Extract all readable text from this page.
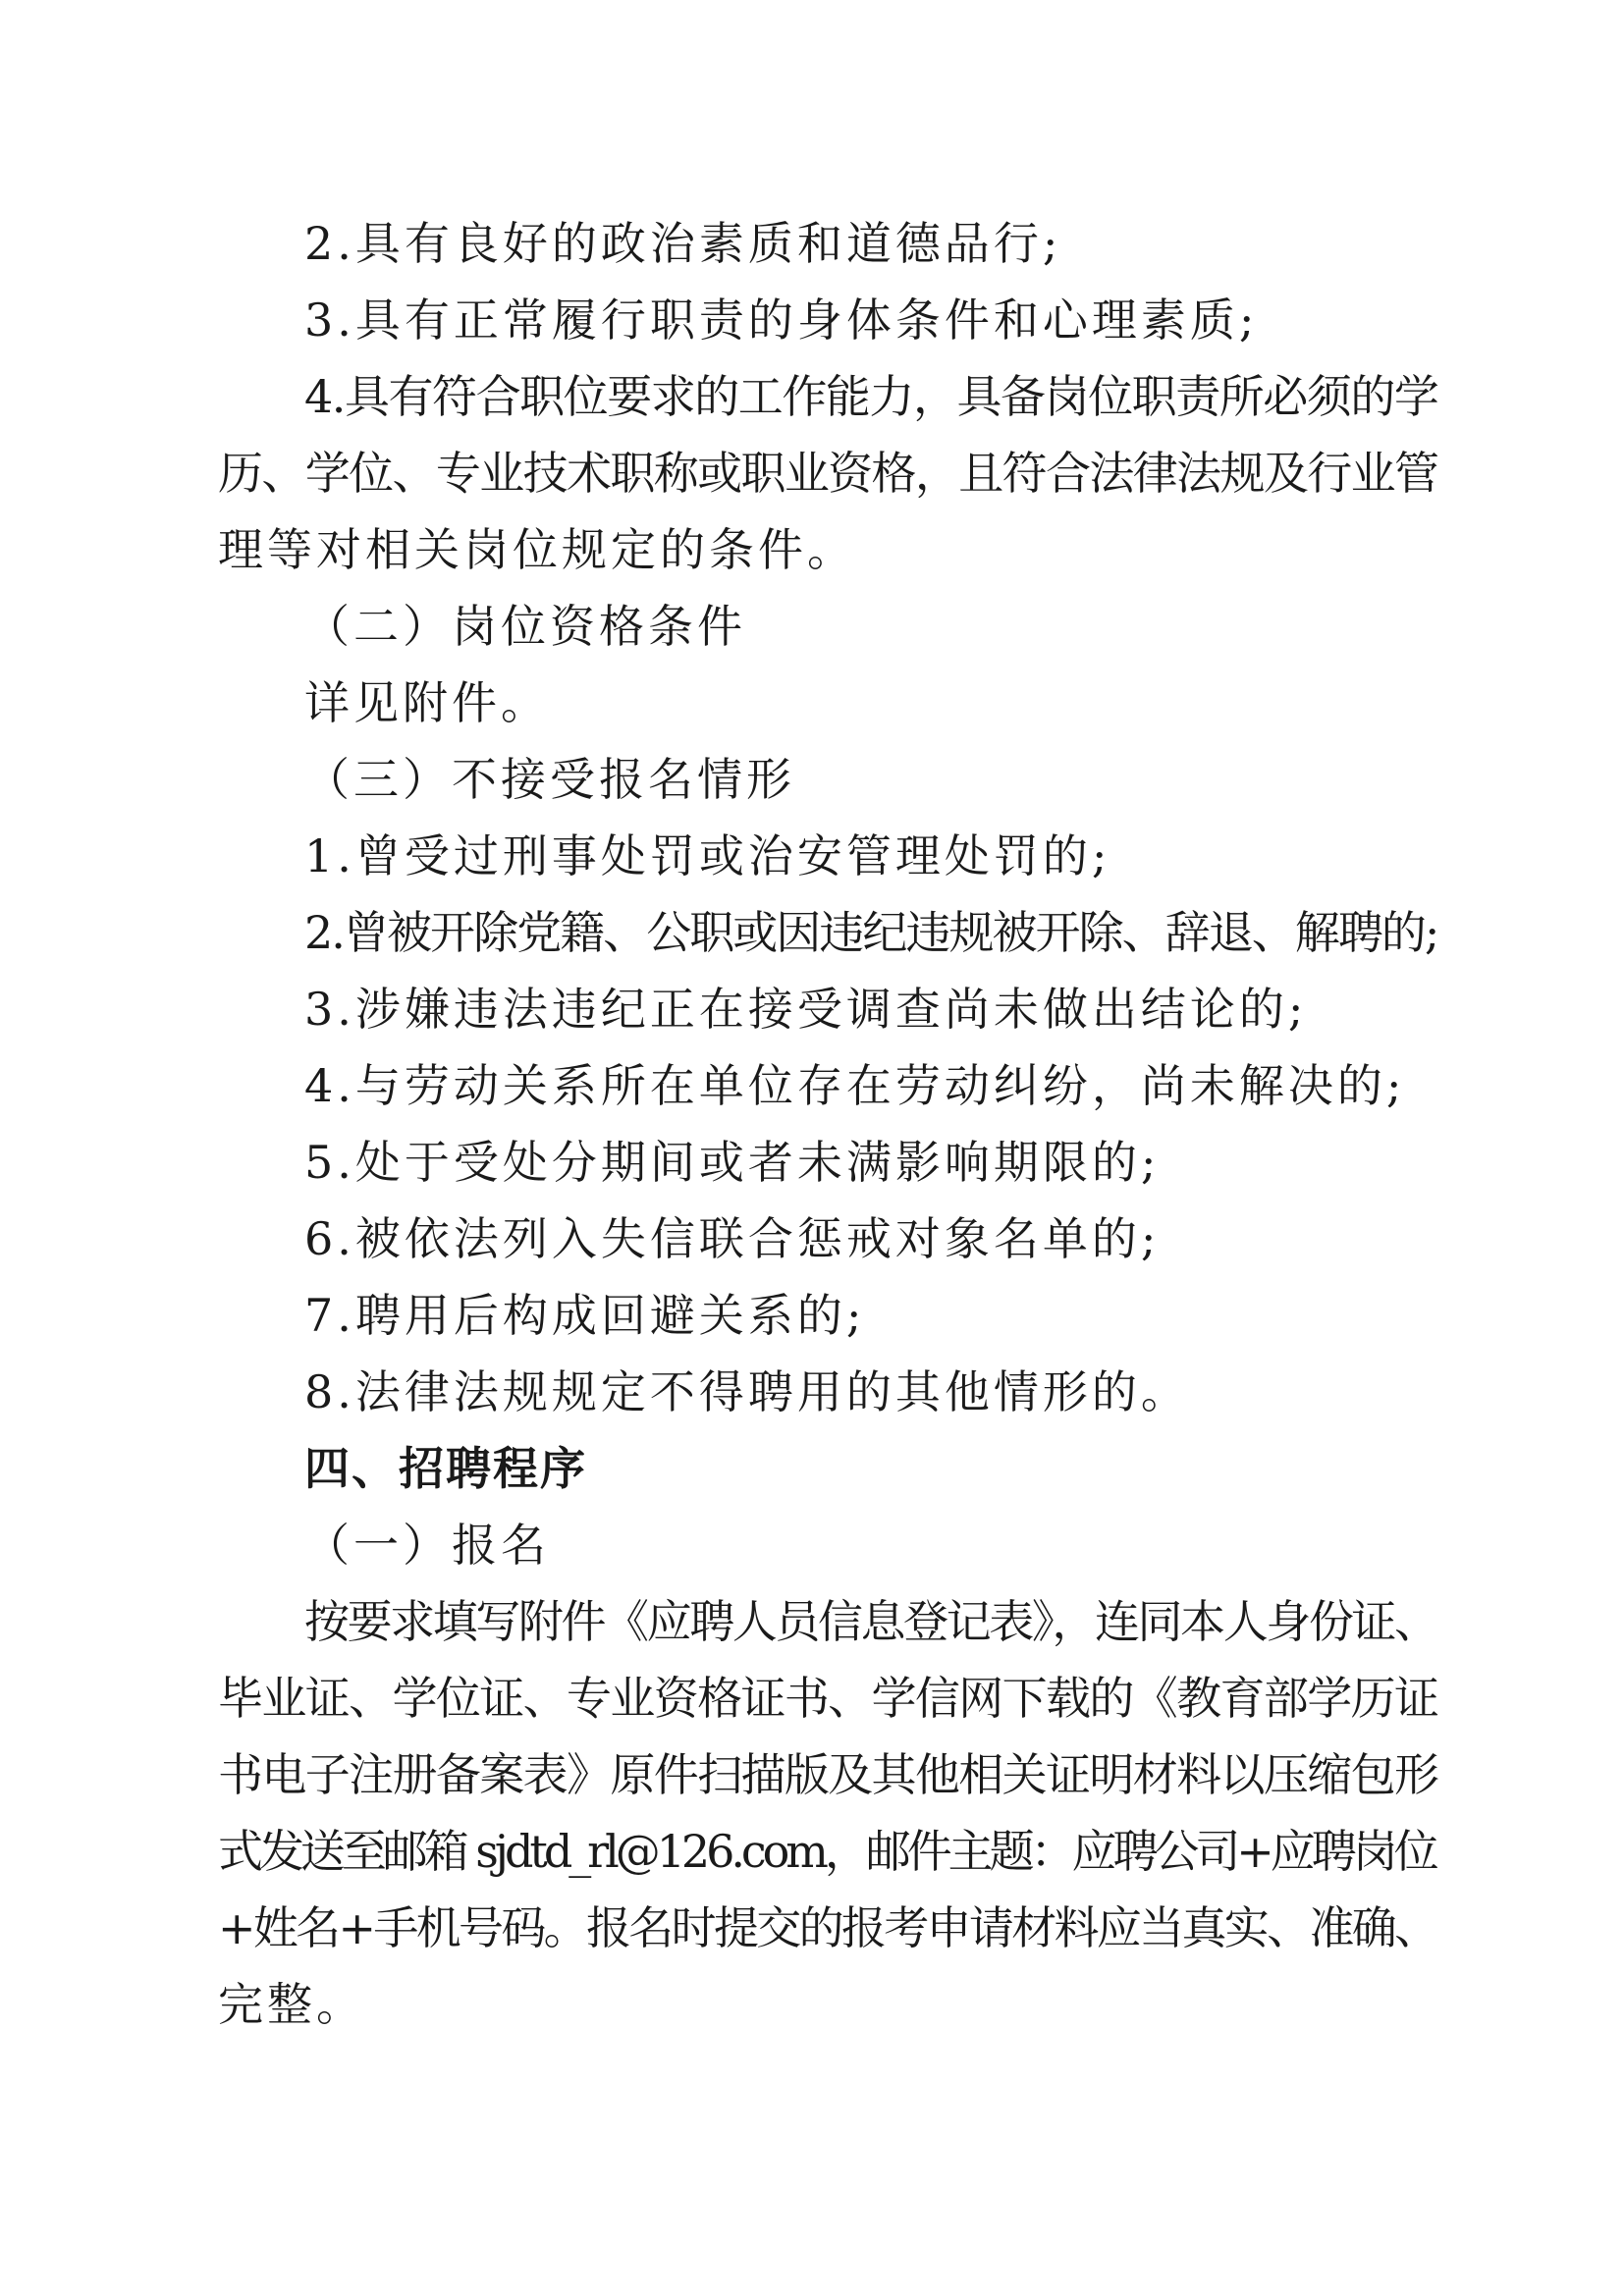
2.具有良好的政治素质和道德品行;
3.具有正常履行职责的身体条件和心理素质;
4.具有符合职位要求的工作能力，具备岗位职责所必须的学
历、学位、专业技术职称或职业资格，且符合法律法规及行业管
理等对相关岗位规定的条件。
（二）岗位资格条件
详见附件。
（三）不接受报名情形
1.曾受过刑事处罚或治安管理处罚的;
2.曾被开除党籍、公职或因违纪违规被开除、辞退、解聘的;
3.涉嫌违法违纪正在接受调查尚未做出结论的;
4.与劳动关系所在单位存在劳动纠纷，尚未解决的;
5.处于受处分期间或者未满影响期限的;
6.被依法列入失信联合惩戒对象名单的;
7.聘用后构成回避关系的;
8.法律法规规定不得聘用的其他情形的。
四、招聘程序
（一）报名
按要求填写附件《应聘人员信息登记表》，连同本人身份证、
毕业证、学位证、专业资格证书、学信网下载的《教育部学历证
书电子注册备案表》原件扫描版及其他相关证明材料以压缩包形
式发送至邮箱 sjdtd_rl@126.com，邮件主题：应聘公司+应聘岗位
+姓名+手机号码。报名时提交的报考申请材料应当真实、准确、
完整。
